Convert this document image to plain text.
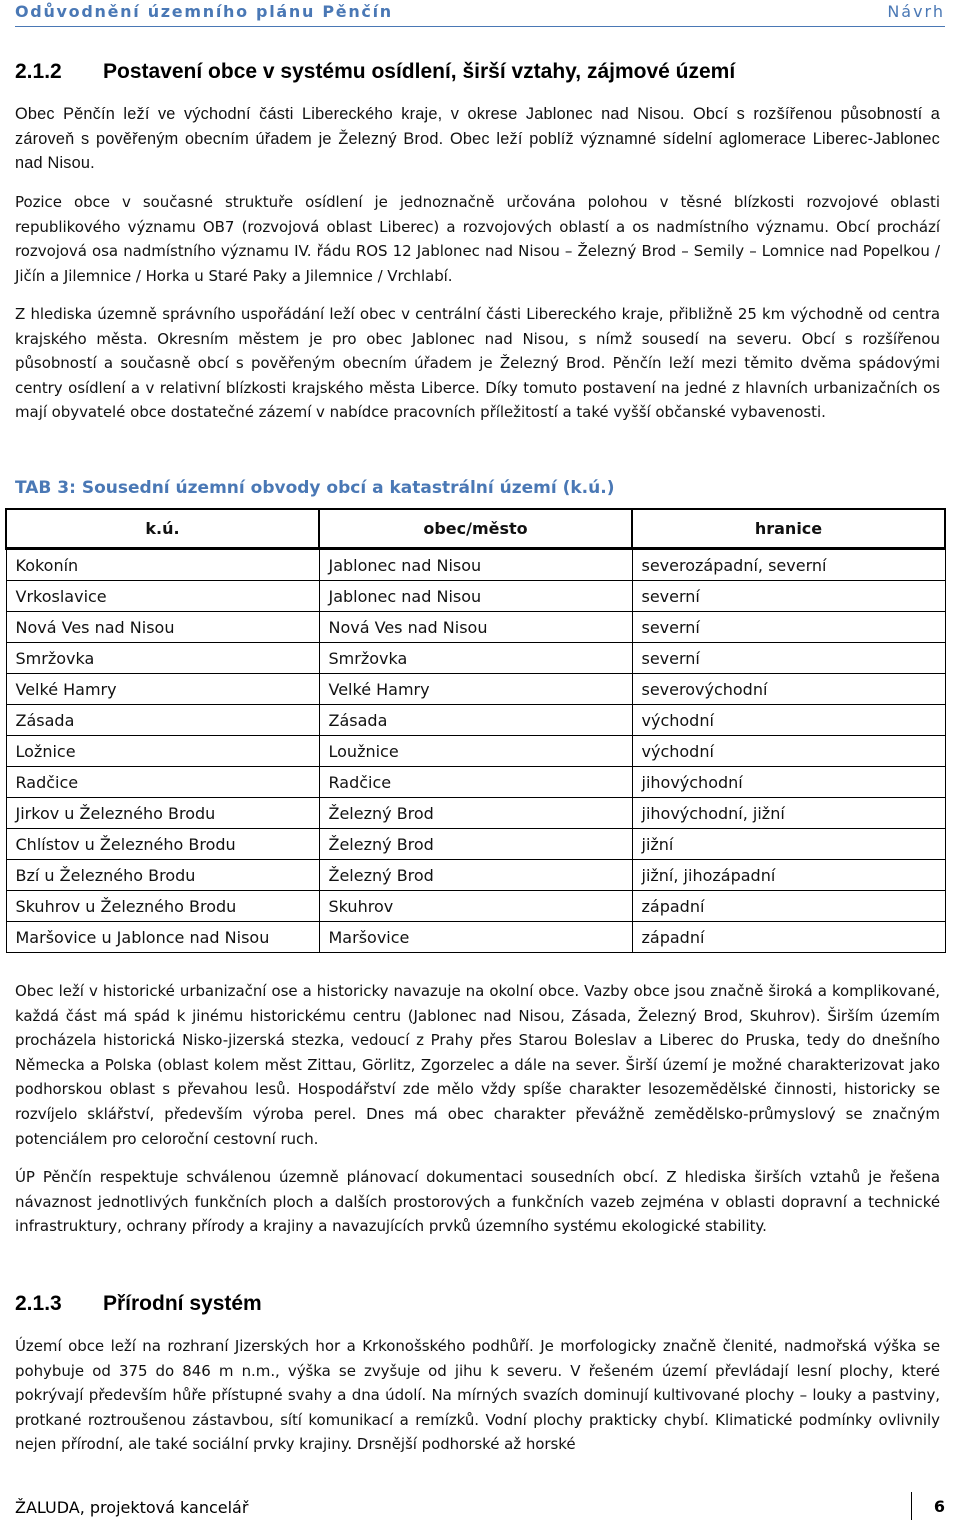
Odůvodnění územního plánu Pěnčín	Návrh
2.1.2 Postavení obce v systému osídlení, širší vztahy, zájmové území

Obec Pěnčín leží ve východní části Libereckého kraje, v okrese Jablonec nad Nisou. Obcí s rozšířenou působností a zároveň s pověřeným obecním úřadem je Železný Brod. Obec leží poblíž významné sídelní aglomerace Liberec-Jablonec nad Nisou.

Pozice obce v současné struktuře osídlení je jednoznačně určována polohou v těsné blízkosti rozvojové oblasti republikového významu OB7 (rozvojová oblast Liberec) a rozvojových oblastí a os nadmístního významu. Obcí prochází rozvojová osa nadmístního významu IV. řádu ROS 12 Jablonec nad Nisou – Železný Brod – Semily – Lomnice nad Popelkou / Jičín a Jilemnice / Horka u Staré Paky a Jilemnice / Vrchlabí.

Z hlediska územně správního uspořádání leží obec v centrální části Libereckého kraje, přibližně 25 km východně od centra krajského města. Okresním městem je pro obec Jablonec nad Nisou, s nímž sousedí na severu. Obcí s rozšířenou působností a současně obcí s pověřeným obecním úřadem je Železný Brod. Pěnčín leží mezi těmito dvěma spádovými centry osídlení a v relativní blízkosti krajského města Liberce. Díky tomuto postavení na jedné z hlavních urbanizačních os mají obyvatelé obce dostatečné zázemí v nabídce pracovních příležitostí a také vyšší občanské vybavenosti.

TAB 3: Sousední územní obvody obcí a katastrální území (k.ú.)

k.ú.	obec/město	hranice
Kokonín	Jablonec nad Nisou	severozápadní, severní
Vrkoslavice	Jablonec nad Nisou	severní
Nová Ves nad Nisou	Nová Ves nad Nisou	severní
Smržovka	Smržovka	severní
Velké Hamry	Velké Hamry	severovýchodní
Zásada	Zásada	východní
Ložnice	Loužnice	východní
Radčice	Radčice	jihovýchodní
Jirkov u Železného Brodu	Železný Brod	jihovýchodní, jižní
Chlístov u Železného Brodu	Železný Brod	jižní
Bzí u Železného Brodu	Železný Brod	jižní, jihozápadní
Skuhrov u Železného Brodu	Skuhrov	západní
Maršovice u Jablonce nad Nisou	Maršovice	západní

Obec leží v historické urbanizační ose a historicky navazuje na okolní obce. Vazby obce jsou značně široká a komplikované, každá část má spád k jinému historickému centru (Jablonec nad Nisou, Zásada, Železný Brod, Skuhrov). Širším územím procházela historická Nisko-jizerská stezka, vedoucí z Prahy přes Starou Boleslav a Liberec do Pruska, tedy do dnešního Německa a Polska (oblast kolem měst Zittau, Görlitz, Zgorzelec a dále na sever. Širší území je možné charakterizovat jako podhorskou oblast s převahou lesů. Hospodářství zde mělo vždy spíše charakter lesozemědělské činnosti, historicky se rozvíjelo sklářství, především výroba perel. Dnes má obec charakter převážně zemědělsko-průmyslový se značným potenciálem pro celoroční cestovní ruch.

ÚP Pěnčín respektuje schválenou územně plánovací dokumentaci sousedních obcí. Z hlediska širších vztahů je řešena návaznost jednotlivých funkčních ploch a dalších prostorových a funkčních vazeb zejména v oblasti dopravní a technické infrastruktury, ochrany přírody a krajiny a navazujících prvků územního systému ekologické stability.

2.1.3 Přírodní systém

Území obce leží na rozhraní Jizerských hor a Krkonošského podhůří. Je morfologicky značně členité, nadmořská výška se pohybuje od 375 do 846 m n.m., výška se zvyšuje od jihu k severu. V řešeném území převládají lesní plochy, které pokrývají především hůře přístupné svahy a dna údolí. Na mírných svazích dominují kultivované plochy – louky a pastviny, protkané roztroušenou zástavbou, sítí komunikací a remízků. Vodní plochy prakticky chybí. Klimatické podmínky ovlivnily nejen přírodní, ale také sociální prvky krajiny. Drsnější podhorské až horské

ŽALUDA, projektová kancelář	6
